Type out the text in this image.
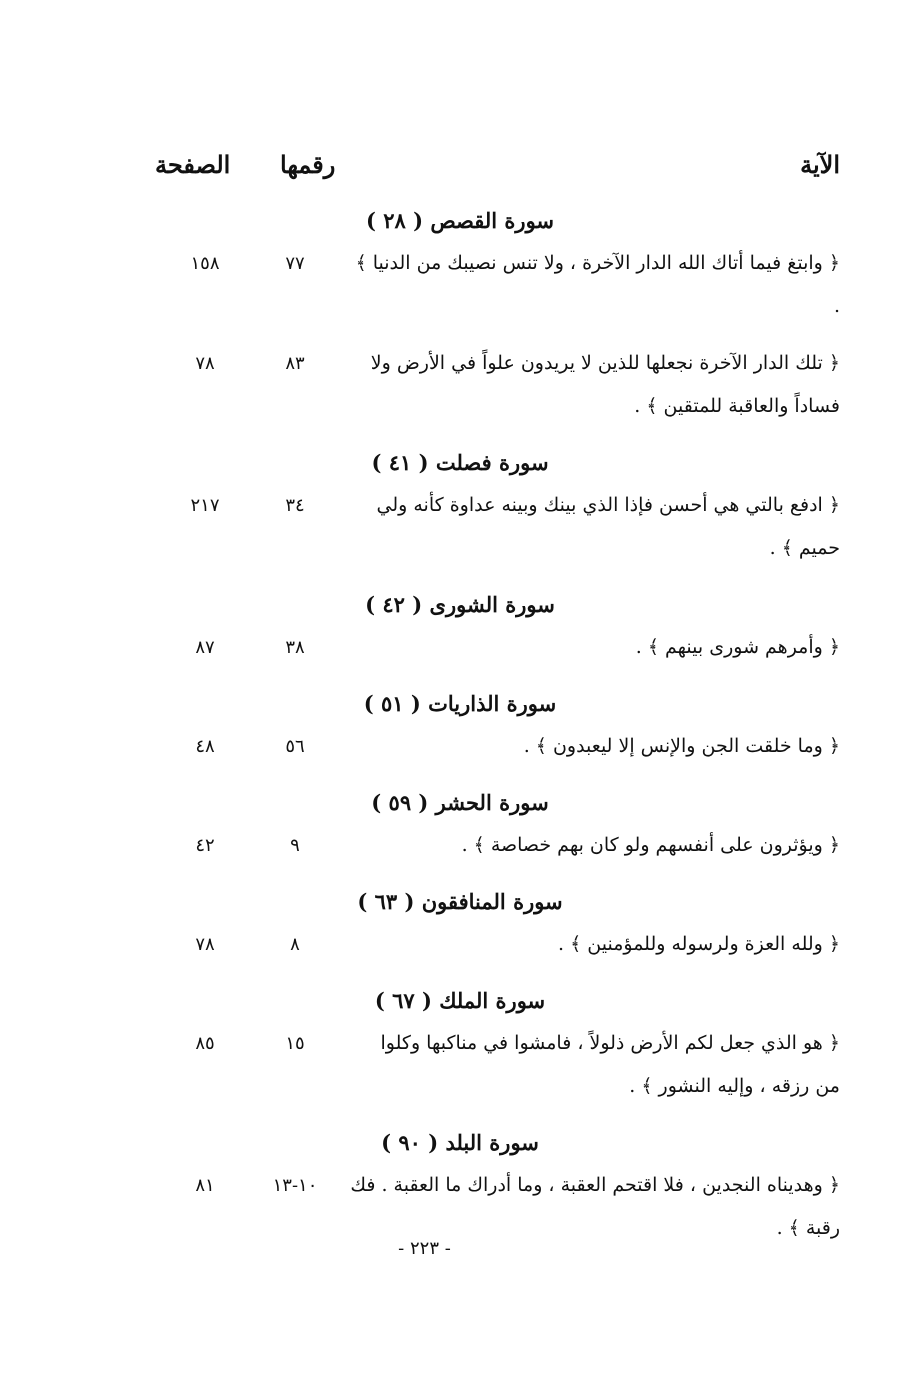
الآية
رقمها
الصفحة
سورة القصص ( ٢٨ )
﴿ وابتغ فيما أتاك الله الدار الآخرة ، ولا تنس نصيبك من الدنيا ﴾ .
٧٧
١٥٨
﴿ تلك الدار الآخرة نجعلها للذين لا يريدون علواً في الأرض ولا فساداً والعاقبة للمتقين ﴾ .
٨٣
٧٨
سورة فصلت ( ٤١ )
﴿ ادفع بالتي هي أحسن فإذا الذي بينك وبينه عداوة كأنه ولي حميم ﴾ .
٣٤
٢١٧
سورة الشورى ( ٤٢ )
﴿ وأمرهم شورى بينهم ﴾ .
٣٨
٨٧
سورة الذاريات ( ٥١ )
﴿ وما خلقت الجن والإنس إلا ليعبدون ﴾ .
٥٦
٤٨
سورة الحشر ( ٥٩ )
﴿ ويؤثرون على أنفسهم ولو كان بهم خصاصة ﴾ .
٩
٤٢
سورة المنافقون ( ٦٣ )
﴿ ولله العزة ولرسوله وللمؤمنين ﴾ .
٨
٧٨
سورة الملك ( ٦٧ )
﴿ هو الذي جعل لكم الأرض ذلولاً ، فامشوا في مناكبها وكلوا من رزقه ، وإليه النشور ﴾ .
١٥
٨٥
سورة البلد ( ٩٠ )
﴿ وهديناه النجدين ، فلا اقتحم العقبة ، وما أدراك ما العقبة . فك رقبة ﴾ .
١٠-١٣
٨١
- ٢٢٣ -
